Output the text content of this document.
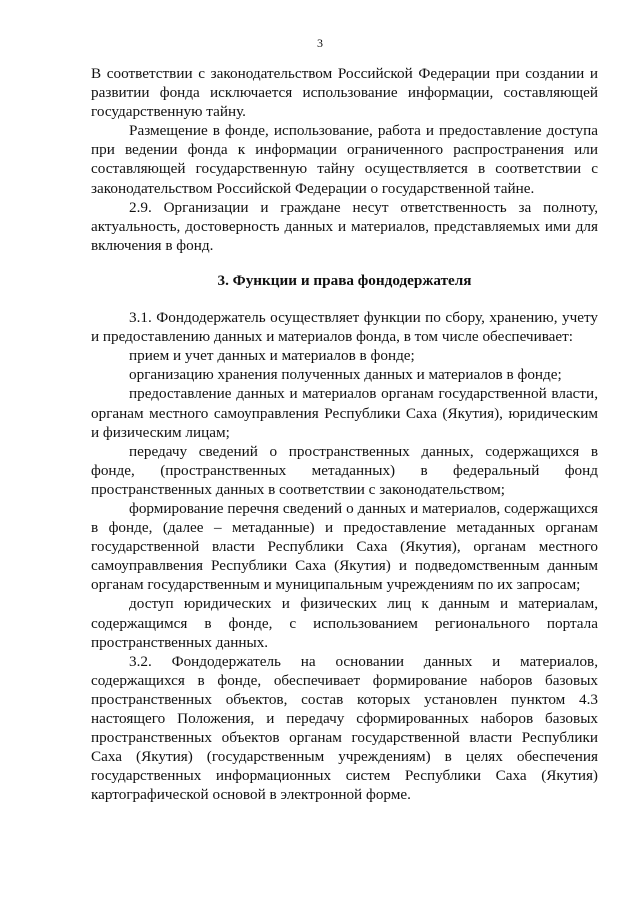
3

В соответствии с законодательством Российской Федерации при создании и развитии фонда исключается использование информации, составляющей государственную тайну.

Размещение в фонде, использование, работа и предоставление доступа при ведении фонда к информации ограниченного распространения или составляющей государственную тайну осуществляется в соответствии с законодательством Российской Федерации о государственной тайне.

2.9. Организации и граждане несут ответственность за полноту, актуальность, достоверность данных и материалов, представляемых ими для включения в фонд.

3. Функции и права фондодержателя

3.1. Фондодержатель осуществляет функции по сбору, хранению, учету и предоставлению данных и материалов фонда, в том числе обеспечивает:

прием и учет данных и материалов в фонде;

организацию хранения полученных данных и материалов в фонде;

предоставление данных и материалов органам государственной власти, органам местного самоуправления Республики Саха (Якутия), юридическим и физическим лицам;

передачу сведений о пространственных данных, содержащихся в фонде, (пространственных метаданных) в федеральный фонд пространственных данных в соответствии с законодательством;

формирование перечня сведений о данных и материалов, содержащихся в фонде, (далее – метаданные) и предоставление метаданных органам государственной власти Республики Саха (Якутия), органам местного самоуправлвения Республики Саха (Якутия) и подведомственным данным органам государственным и муниципальным учреждениям по их запросам;

доступ юридических и физических лиц к данным и материалам, содержащимся в фонде, с использованием регионального портала пространственных данных.

3.2. Фондодержатель на основании данных и материалов, содержащихся в фонде, обеспечивает формирование наборов базовых пространственных объектов, состав которых установлен пунктом 4.3 настоящего Положения, и передачу сформированных наборов базовых пространственных объектов органам государственной власти Республики Саха (Якутия) (государственным учреждениям) в целях обеспечения государственных информационных систем Республики Саха (Якутия) картографической основой в электронной форме.
